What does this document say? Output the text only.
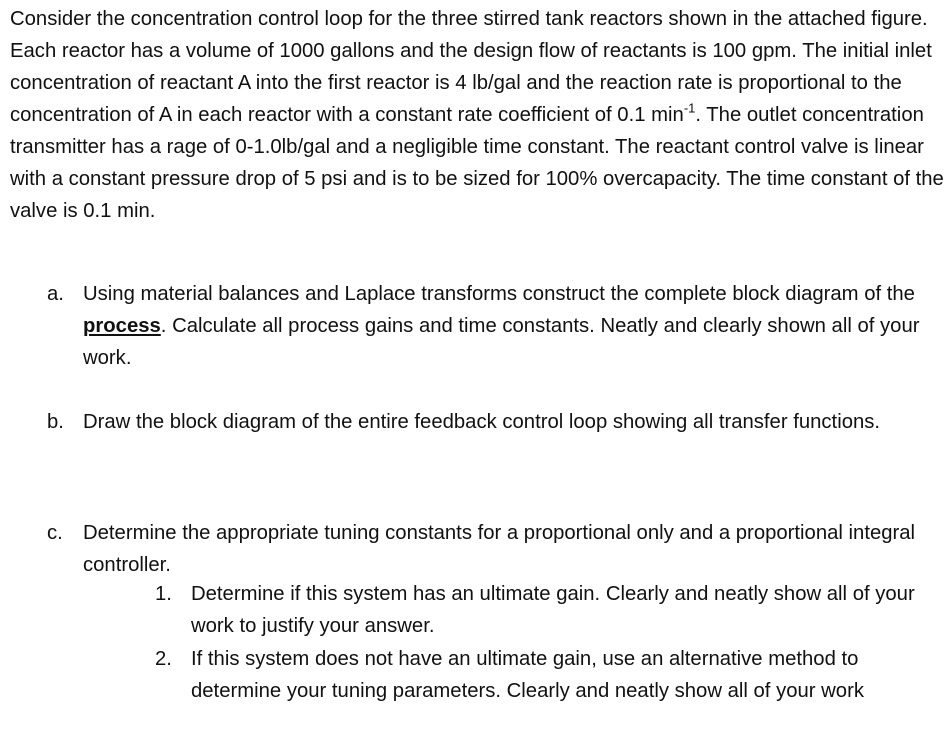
Consider the concentration control loop for the three stirred tank reactors shown in the attached figure. Each reactor has a volume of 1000 gallons and the design flow of reactants is 100 gpm. The initial inlet concentration of reactant A into the first reactor is 4 lb/gal and the reaction rate is proportional to the concentration of A in each reactor with a constant rate coefficient of 0.1 $\min^{-1}$. The outlet concentration transmitter has a rage of 0-1.0lb/gal and a negligible time constant. The reactant control valve is linear with a constant pressure drop of 5 psi and is to be sized for 100% overcapacity. The time constant of the valve is 0.1 min.

a. Using material balances and Laplace transforms construct the complete block diagram of the process. Calculate all process gains and time constants. Neatly and clearly shown all of your work.
b. Draw the block diagram of the entire feedback control loop showing all transfer functions.
c. Determine the appropriate tuning constants for a proportional only and a proportional integral controller.
1. Determine if this system has an ultimate gain. Clearly and neatly show all of your work to justify your answer.
2. If this system does not have an ultimate gain, use an alternative method to determine your tuning parameters. Clearly and neatly show all of your work
